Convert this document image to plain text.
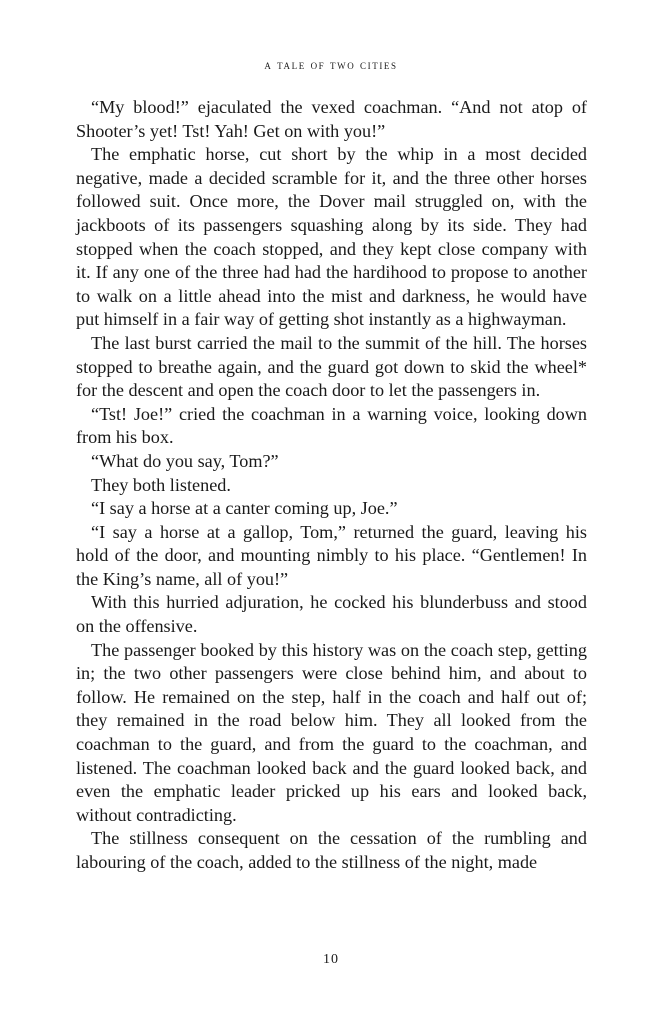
a tale of two cities

“My blood!” ejaculated the vexed coachman. “And not atop of Shooter’s yet! Tst! Yah! Get on with you!”

The emphatic horse, cut short by the whip in a most decided negative, made a decided scramble for it, and the three other horses followed suit. Once more, the Dover mail struggled on, with the jackboots of its passengers squashing along by its side. They had stopped when the coach stopped, and they kept close company with it. If any one of the three had had the hardihood to propose to another to walk on a little ahead into the mist and darkness, he would have put himself in a fair way of getting shot instantly as a highwayman.

The last burst carried the mail to the summit of the hill. The horses stopped to breathe again, and the guard got down to skid the wheel* for the descent and open the coach door to let the passengers in.

“Tst! Joe!” cried the coachman in a warning voice, looking down from his box.

“What do you say, Tom?”

They both listened.

“I say a horse at a canter coming up, Joe.”

“I say a horse at a gallop, Tom,” returned the guard, leaving his hold of the door, and mounting nimbly to his place. “Gentlemen! In the King’s name, all of you!”

With this hurried adjuration, he cocked his blunderbuss and stood on the offensive.

The passenger booked by this history was on the coach step, getting in; the two other passengers were close behind him, and about to follow. He remained on the step, half in the coach and half out of; they remained in the road below him. They all looked from the coachman to the guard, and from the guard to the coachman, and listened. The coachman looked back and the guard looked back, and even the emphatic leader pricked up his ears and looked back, without contradicting.

The stillness consequent on the cessation of the rumbling and labouring of the coach, added to the stillness of the night, made

10
